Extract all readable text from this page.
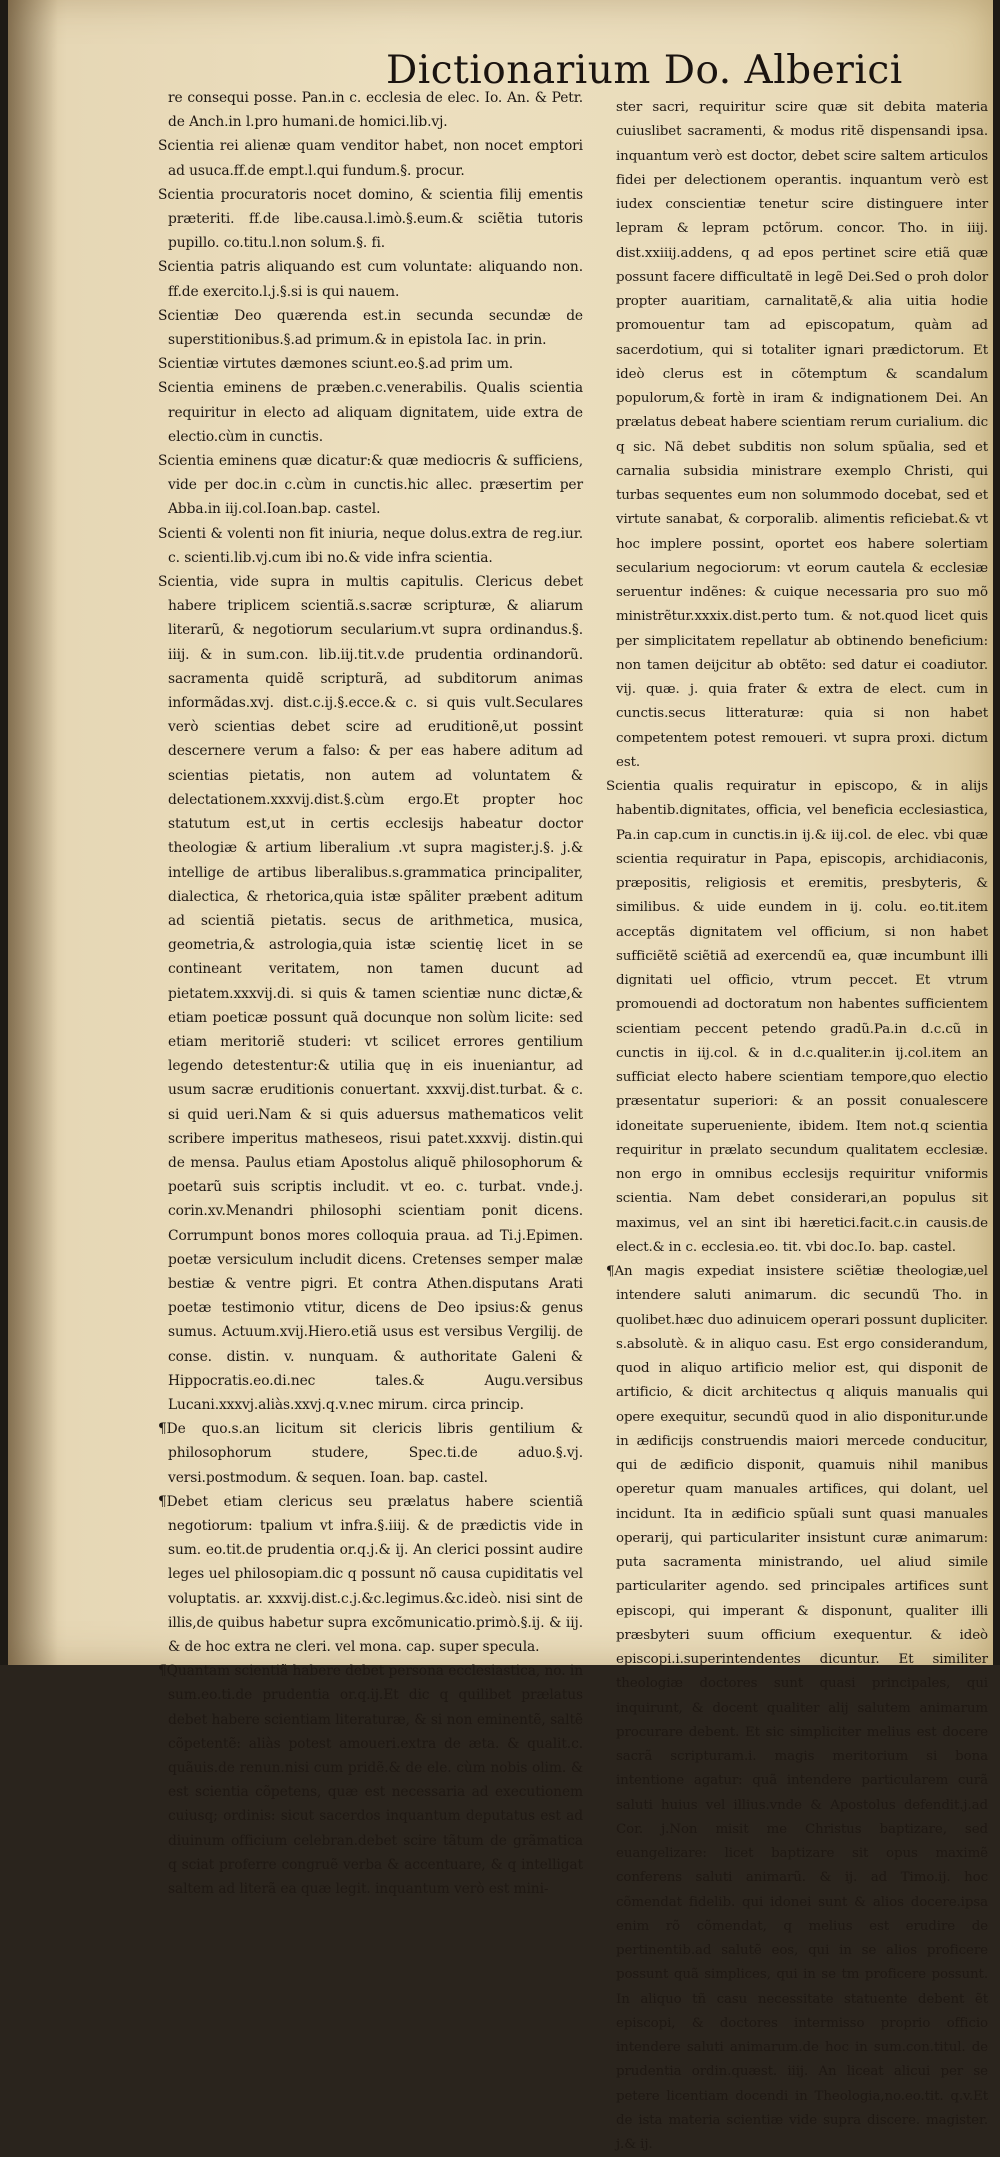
Dictionarium Do. Alberici

re consequi posse. Pan.in c. ecclesia de elec. Io. An. & Petr. de Anch.in l.pro humani.de homici.lib.vj.

Scientia rei alienæ quam venditor habet, non nocet emptori ad usuca.ff.de empt.l.qui fundum.§. procur.

Scientia procuratoris nocet domino, & scientia filij ementis præteriti. ff.de libe.causa.l.imò.§.eum.& sciẽtia tutoris pupillo. co.titu.l.non solum.§. fi.

Scientia patris aliquando est cum voluntate: aliquando non. ff.de exercito.l.j.§.si is qui nauem.

Scientiæ Deo quærenda est.in secunda secundæ de superstitionibus.§.ad primum.& in epistola Iac. in prin.

Scientiæ virtutes dæmones sciunt.eo.§.ad prim um.

Scientia eminens de præben.c.venerabilis. Qualis scientia requiritur in electo ad aliquam dignitatem, uide extra de electio.cùm in cunctis.

Scientia eminens quæ dicatur:& quæ mediocris & sufficiens, vide per doc.in c.cùm in cunctis.hic allec. præsertim per Abba.in iij.col.Ioan.bap. castel.

Scienti & volenti non fit iniuria, neque dolus.extra de reg.iur. c. scienti.lib.vj.cum ibi no.& vide infra scientia.

Scientia, vide supra in multis capitulis. Clericus debet habere triplicem scientiã.s.sacræ scripturæ, & aliarum literarũ, & negotiorum secularium.vt supra ordinandus.§. iiij. & in sum.con. lib.iij.tit.v.de prudentia ordinandorũ. sacramenta quidẽ scripturã, ad subditorum animas informãdas.xvj. dist.c.ij.§.ecce.& c. si quis vult.Seculares verò scientias debet scire ad eruditionẽ,ut possint descernere verum a falso: & per eas habere aditum ad scientias pietatis, non autem ad voluntatem & delectationem.xxxvij.dist.§.cùm ergo.Et propter hoc statutum est,ut in certis ecclesijs habeatur doctor theologiæ & artium liberalium .vt supra magister.j.§. j.& intellige de artibus liberalibus.s.grammatica principaliter, dialectica, & rhetorica,quia istæ spãliter præbent aditum ad scientiã pietatis. secus de arithmetica, musica, geometria,& astrologia,quia istæ scientię licet in se contineant veritatem, non tamen ducunt ad pietatem.xxxvij.di. si quis & tamen scientiæ nunc dictæ,& etiam poeticæ possunt quã docunque non solùm licite: sed etiam meritoriẽ studeri: vt scilicet errores gentilium legendo detestentur:& utilia quę in eis inueniantur, ad usum sacræ eruditionis conuertant. xxxvij.dist.turbat. & c. si quid ueri.Nam & si quis aduersus mathematicos velit scribere imperitus matheseos, risui patet.xxxvij. distin.qui de mensa. Paulus etiam Apostolus aliquẽ philosophorum & poetarũ suis scriptis includit. vt eo. c. turbat. vnde.j. corin.xv.Menandri philosophi scientiam ponit dicens. Corrumpunt bonos mores colloquia praua. ad Ti.j.Epimen. poetæ versiculum includit dicens. Cretenses semper malæ bestiæ & ventre pigri. Et contra Athen.disputans Arati poetæ testimonio vtitur, dicens de Deo ipsius:& genus sumus. Actuum.xvij.Hiero.etiã usus est versibus Vergilij. de conse. distin. v. nunquam. & authoritate Galeni & Hippocratis.eo.di.nec tales.& Augu.versibus Lucani.xxxvj.aliàs.xxvj.q.v.nec mirum. circa princip.

¶De quo.s.an licitum sit clericis libris gentilium & philosophorum studere, Spec.ti.de aduo.§.vj. versi.postmodum. & sequen. Ioan. bap. castel.

¶Debet etiam clericus seu prælatus habere scientiã negotiorum: tpalium vt infra.§.iiij. & de prædictis vide in sum. eo.tit.de prudentia or.q.j.& ij. An clerici possint audire leges uel philosopiam.dic q possunt nõ causa cupiditatis vel voluptatis. ar. xxxvij.dist.c.j.&c.legimus.&c.ideò. nisi sint de illis,de quibus habetur supra excõmunicatio.primò.§.ij. & iij. & de hoc extra ne cleri. vel mona. cap. super specula.

¶Quantam scientiã habere debet persona ecclesiastica, no. in sum.eo.ti.de prudentia or.q.ij.Et dic q quilibet prælatus debet habere scientiam literaturæ, & si non eminentẽ, saltẽ cõpetentẽ: aliàs potest amoueri.extra de æta. & qualit.c. quãuis.de renun.nisi cum pridẽ.& de ele. cùm nobis olim. & est scientia cõpetens, quæ est necessaria ad executionem cuiusq; ordinis: sicut sacerdos inquantum deputatus est ad diuinum officium celebran.debet scire tãtum de grãmatica q sciat proferre congruẽ verba & accentuare, & q intelligat saltem ad literã ea quæ legit. inquantum verò est mini-

ster sacri, requiritur scire quæ sit debita materia cuiuslibet sacramenti, & modus ritẽ dispensandi ipsa. inquantum verò est doctor, debet scire saltem articulos fidei per delectionem operantis. inquantum verò est iudex conscientiæ tenetur scire distinguere inter lepram & lepram pctõrum. concor. Tho. in iiij. dist.xxiiij.addens, q ad epos pertinet scire etiã quæ possunt facere difficultatẽ in legẽ Dei.Sed o proh dolor propter auaritiam, carnalitatẽ,& alia uitia hodie promouentur tam ad episcopatum, quàm ad sacerdotium, qui si totaliter ignari prædictorum. Et ideò clerus est in cõtemptum & scandalum populorum,& fortè in iram & indignationem Dei. An prælatus debeat habere scientiam rerum curialium. dic q sic. Nã debet subditis non solum spũalia, sed et carnalia subsidia ministrare exemplo Christi, qui turbas sequentes eum non solummodo docebat, sed et virtute sanabat, & corporalib. alimentis reficiebat.& vt hoc implere possint, oportet eos habere solertiam secularium negociorum: vt eorum cautela & ecclesiæ seruentur indẽnes: & cuique necessaria pro suo mõ ministrẽtur.xxxix.dist.perto tum. & not.quod licet quis per simplicitatem repellatur ab obtinendo beneficium: non tamen deijcitur ab obtẽto: sed datur ei coadiutor. vij. quæ. j. quia frater & extra de elect. cum in cunctis.secus litteraturæ: quia si non habet competentem potest remoueri. vt supra proxi. dictum est.

Scientia qualis requiratur in episcopo, & in alijs habentib.dignitates, officia, vel beneficia ecclesiastica, Pa.in cap.cum in cunctis.in ij.& iij.col. de elec. vbi quæ scientia requiratur in Papa, episcopis, archidiaconis, præpositis, religiosis et eremitis, presbyteris, & similibus. & uide eundem in ij. colu. eo.tit.item acceptãs dignitatem vel officium, si non habet sufficiẽtẽ sciẽtiã ad exercendũ ea, quæ incumbunt illi dignitati uel officio, vtrum peccet. Et vtrum promouendi ad doctoratum non habentes sufficientem scientiam peccent petendo gradũ.Pa.in d.c.cũ in cunctis in iij.col. & in d.c.qualiter.in ij.col.item an sufficiat electo habere scientiam tempore,quo electio præsentatur superiori: & an possit conualescere idoneitate superueniente, ibidem. Item not.q scientia requiritur in prælato secundum qualitatem ecclesiæ. non ergo in omnibus ecclesijs requiritur vniformis scientia. Nam debet considerari,an populus sit maximus, vel an sint ibi hæretici.facit.c.in causis.de elect.& in c. ecclesia.eo. tit. vbi doc.Io. bap. castel.

¶An magis expediat insistere sciẽtiæ theologiæ,uel intendere saluti animarum. dic secundũ Tho. in quolibet.hæc duo adinuicem operari possunt dupliciter. s.absolutè. & in aliquo casu. Est ergo considerandum, quod in aliquo artificio melior est, qui disponit de artificio, & dicit architectus q aliquis manualis qui opere exequitur, secundũ quod in alio disponitur.unde in ædificijs construendis maiori mercede conducitur, qui de ædificio disponit, quamuis nihil manibus operetur quam manuales artifices, qui dolant, uel incidunt. Ita in ædificio spũali sunt quasi manuales operarij, qui particulariter insistunt curæ animarum: puta sacramenta ministrando, uel aliud simile particulariter agendo. sed principales artifices sunt episcopi, qui imperant & disponunt, qualiter illi præsbyteri suum officium exequentur. & ideò episcopi.i.superintendentes dicuntur. Et similiter theologiæ doctores sunt quasi principales, qui inquirunt, & docent qualiter alij salutem animarum procurare debent. Et sic simpliciter melius est docere sacrã scripturam.i. magis meritorium si bona intentione agatur: quã intendere particularem curã saluti huius vel illius.vnde & Apostolus defendit.j.ad Cor. j.Non misit me Christus baptizare, sed euangelizare: licet baptizare sit opus maximẽ conferens saluti animarũ. & ij. ad Timo.ij. hoc cõmendat fidelib. qui idonei sunt & alios docere.ipsa enim rõ cõmendat, q melius est erudire de pertinentib.ad salutẽ eos, qui in se alios proficere possunt quã simplices, qui in se tm proficere possunt. In aliquo tñ casu necessitate statuente debent ẽt episcopi, & doctores intermisso proprio officio intendere saluti animarum.de hoc in sum.con.titul. de prudentia ordin.quæst. iiij. An liceat alicui per se petere licentiam docendi in Theologia,no.eo.tit. q.v.Et de ista materia scientiæ vide supra discere. magister. j.& ij.
